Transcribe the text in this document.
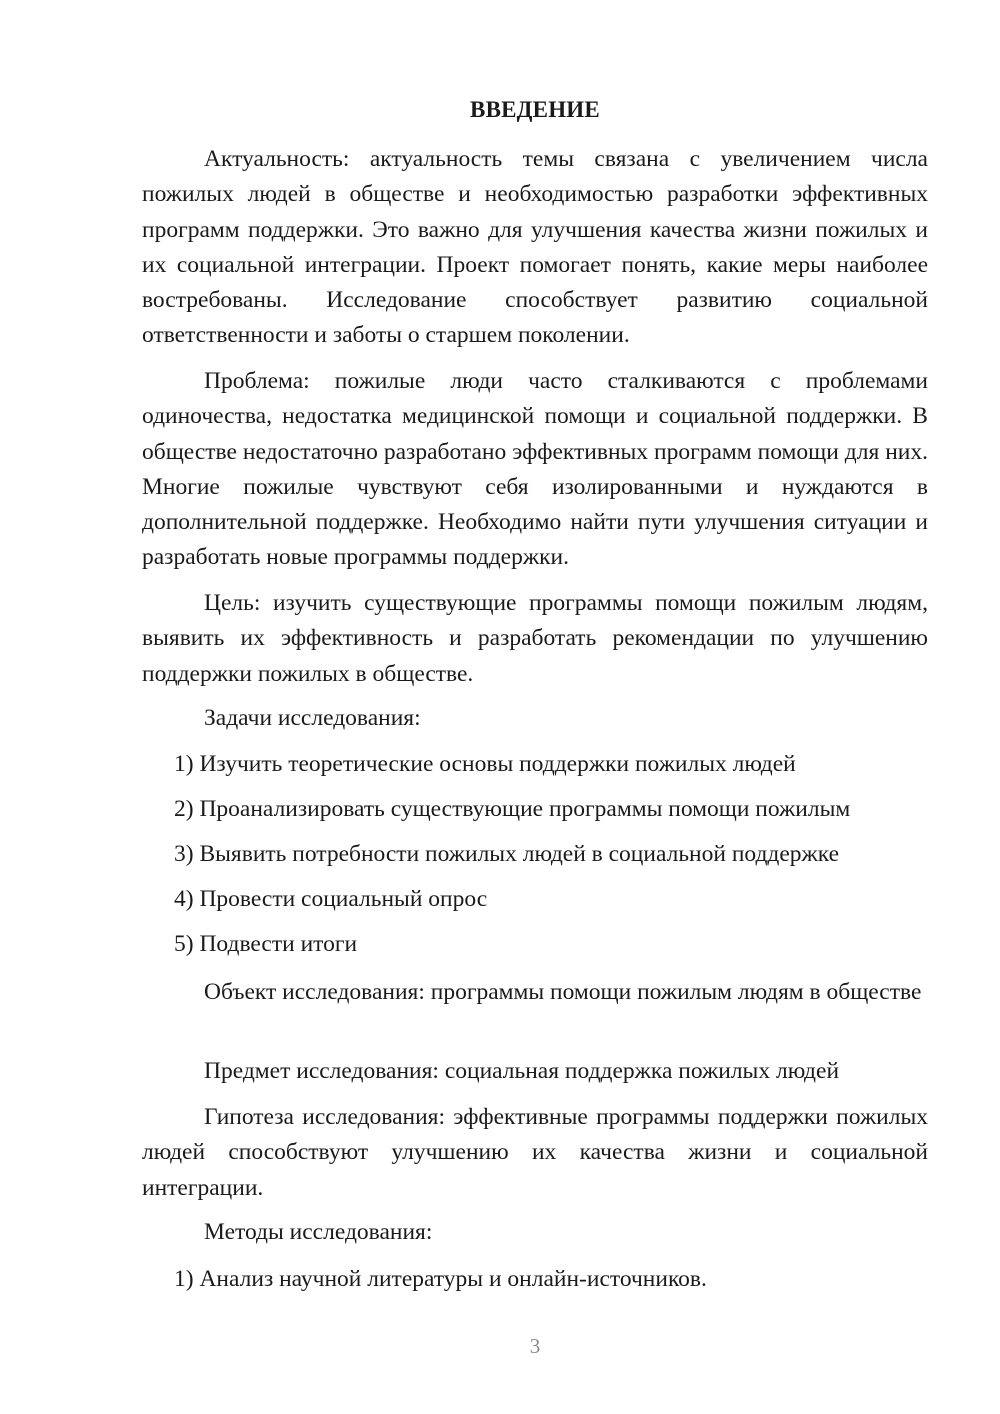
ВВЕДЕНИЕ

Актуальность: актуальность темы связана с увеличением числа пожилых людей в обществе и необходимостью разработки эффективных программ поддержки. Это важно для улучшения качества жизни пожилых и их социальной интеграции. Проект помогает понять, какие меры наиболее востребованы. Исследование способствует развитию социальной ответственности и заботы о старшем поколении.

Проблема: пожилые люди часто сталкиваются с проблемами одиночества, недостатка медицинской помощи и социальной поддержки. В обществе недостаточно разработано эффективных программ помощи для них. Многие пожилые чувствуют себя изолированными и нуждаются в дополнительной поддержке. Необходимо найти пути улучшения ситуации и разработать новые программы поддержки.

Цель: изучить существующие программы помощи пожилым людям, выявить их эффективность и разработать рекомендации по улучшению поддержки пожилых в обществе.

Задачи исследования:

1) Изучить теоретические основы поддержки пожилых людей

2) Проанализировать существующие программы помощи пожилым

3) Выявить потребности пожилых людей в социальной поддержке

4) Провести социальный опрос

5) Подвести итоги

Объект исследования: программы помощи пожилым людям в обществе

Предмет исследования: социальная поддержка пожилых людей

Гипотеза исследования: эффективные программы поддержки пожилых людей способствуют улучшению их качества жизни и социальной интеграции.

Методы исследования:

1) Анализ научной литературы и онлайн-источников.

3
